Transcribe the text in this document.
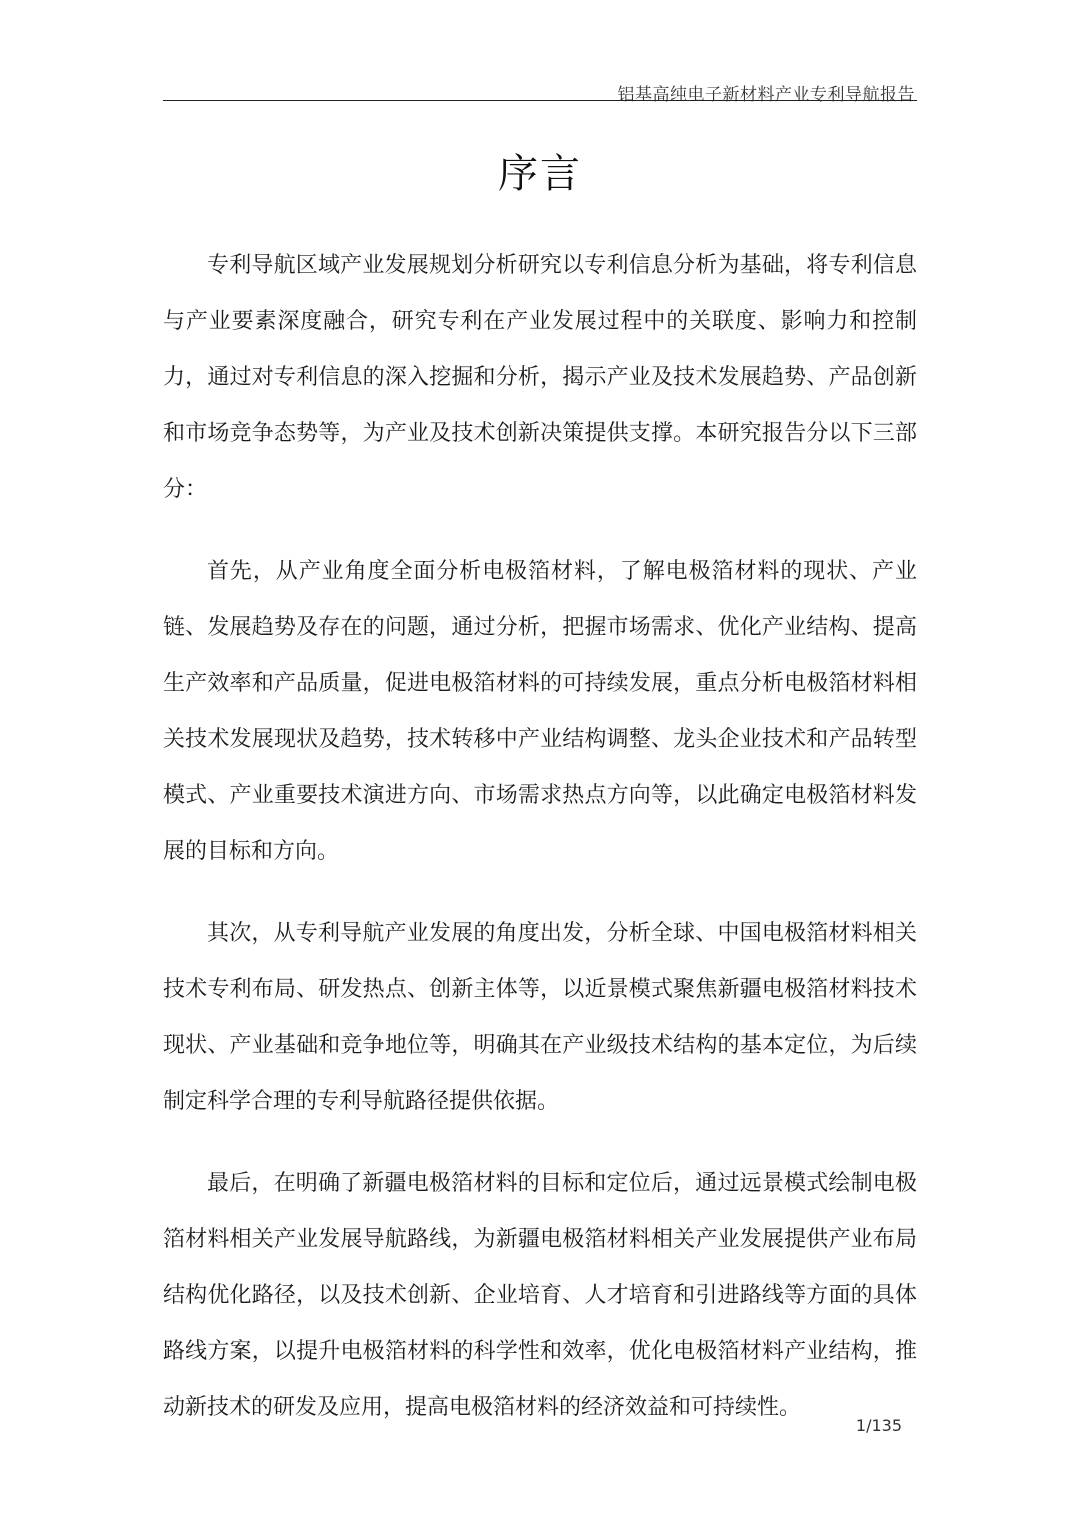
铝基高纯电子新材料产业专利导航报告
序言

专利导航区域产业发展规划分析研究以专利信息分析为基础，将专利信息与产业要素深度融合，研究专利在产业发展过程中的关联度、影响力和控制力，通过对专利信息的深入挖掘和分析，揭示产业及技术发展趋势、产品创新和市场竞争态势等，为产业及技术创新决策提供支撑。本研究报告分以下三部分：

首先，从产业角度全面分析电极箔材料，了解电极箔材料的现状、产业链、发展趋势及存在的问题，通过分析，把握市场需求、优化产业结构、提高生产效率和产品质量，促进电极箔材料的可持续发展，重点分析电极箔材料相关技术发展现状及趋势，技术转移中产业结构调整、龙头企业技术和产品转型模式、产业重要技术演进方向、市场需求热点方向等，以此确定电极箔材料发展的目标和方向。

其次，从专利导航产业发展的角度出发，分析全球、中国电极箔材料相关技术专利布局、研发热点、创新主体等，以近景模式聚焦新疆电极箔材料技术现状、产业基础和竞争地位等，明确其在产业级技术结构的基本定位，为后续制定科学合理的专利导航路径提供依据。

最后，在明确了新疆电极箔材料的目标和定位后，通过远景模式绘制电极箔材料相关产业发展导航路线，为新疆电极箔材料相关产业发展提供产业布局结构优化路径，以及技术创新、企业培育、人才培育和引进路线等方面的具体路线方案，以提升电极箔材料的科学性和效率，优化电极箔材料产业结构，推动新技术的研发及应用，提高电极箔材料的经济效益和可持续性。

1/135
